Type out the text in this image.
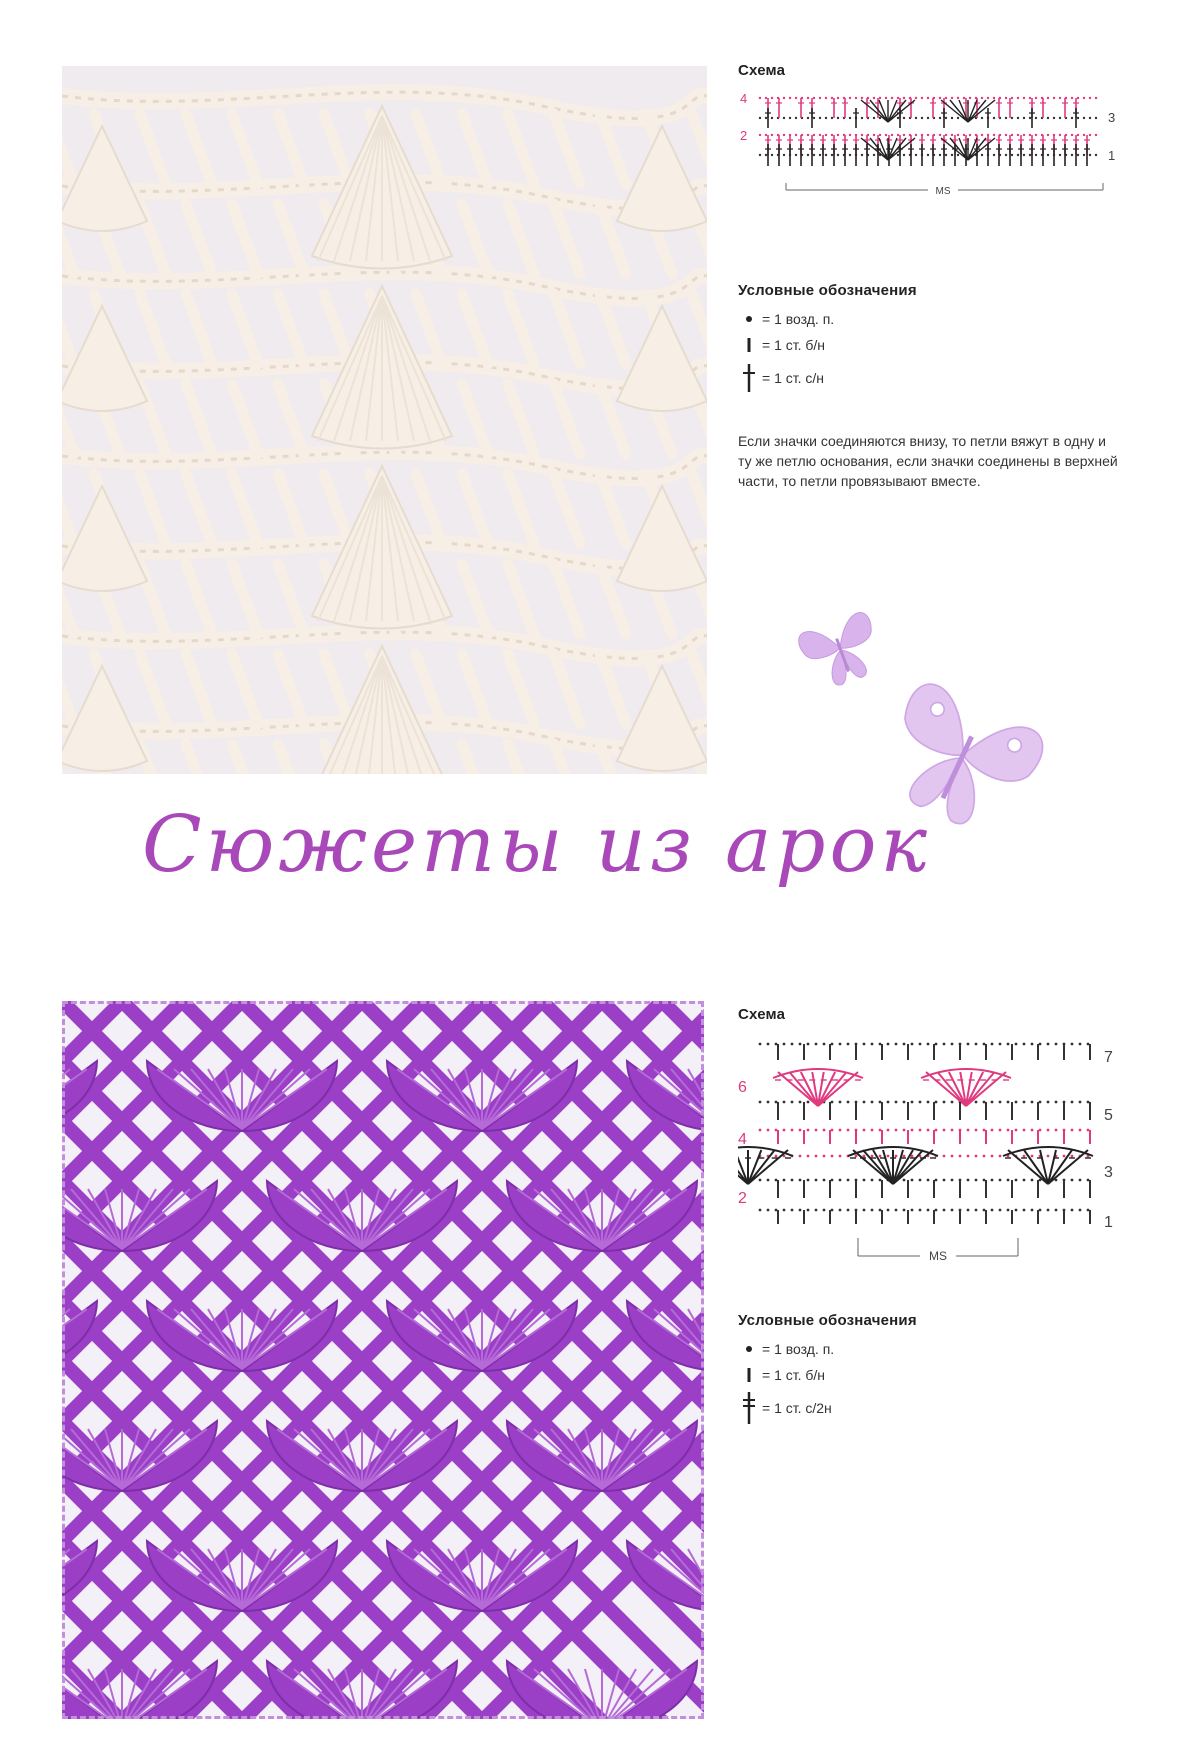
Схема
4
2
3
1
MS
Условные обозначения
= 1 возд. п.
= 1 ст. б/н
= 1 ст. с/н

Если значки соединяются внизу, то петли вяжут в одну и ту же петлю основания, если значки соединены в верхней части, то петли провязывают вместе.

Сюжеты из арок
Схема
6
4
2
7
5
3
1
MS
Условные обозначения
= 1 возд. п.
= 1 ст. б/н
= 1 ст. с/2н
